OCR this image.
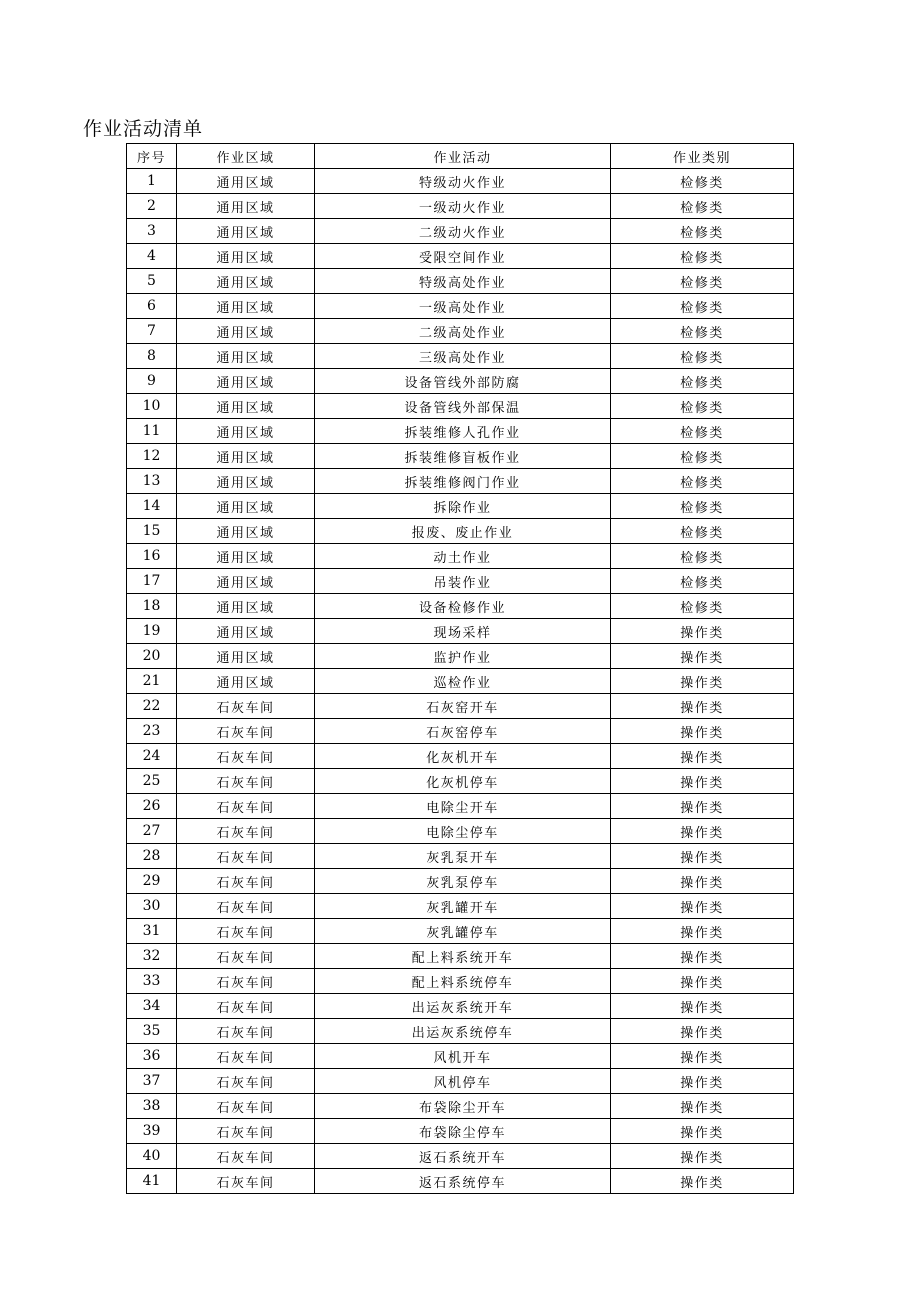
作业活动清单
序号	作业区域	作业活动	作业类别
1	通用区域	特级动火作业	检修类
2	通用区域	一级动火作业	检修类
3	通用区域	二级动火作业	检修类
4	通用区域	受限空间作业	检修类
5	通用区域	特级高处作业	检修类
6	通用区域	一级高处作业	检修类
7	通用区域	二级高处作业	检修类
8	通用区域	三级高处作业	检修类
9	通用区域	设备管线外部防腐	检修类
10	通用区域	设备管线外部保温	检修类
11	通用区域	拆装维修人孔作业	检修类
12	通用区域	拆装维修盲板作业	检修类
13	通用区域	拆装维修阀门作业	检修类
14	通用区域	拆除作业	检修类
15	通用区域	报废、废止作业	检修类
16	通用区域	动土作业	检修类
17	通用区域	吊装作业	检修类
18	通用区域	设备检修作业	检修类
19	通用区域	现场采样	操作类
20	通用区域	监护作业	操作类
21	通用区域	巡检作业	操作类
22	石灰车间	石灰窑开车	操作类
23	石灰车间	石灰窑停车	操作类
24	石灰车间	化灰机开车	操作类
25	石灰车间	化灰机停车	操作类
26	石灰车间	电除尘开车	操作类
27	石灰车间	电除尘停车	操作类
28	石灰车间	灰乳泵开车	操作类
29	石灰车间	灰乳泵停车	操作类
30	石灰车间	灰乳罐开车	操作类
31	石灰车间	灰乳罐停车	操作类
32	石灰车间	配上料系统开车	操作类
33	石灰车间	配上料系统停车	操作类
34	石灰车间	出运灰系统开车	操作类
35	石灰车间	出运灰系统停车	操作类
36	石灰车间	风机开车	操作类
37	石灰车间	风机停车	操作类
38	石灰车间	布袋除尘开车	操作类
39	石灰车间	布袋除尘停车	操作类
40	石灰车间	返石系统开车	操作类
41	石灰车间	返石系统停车	操作类
